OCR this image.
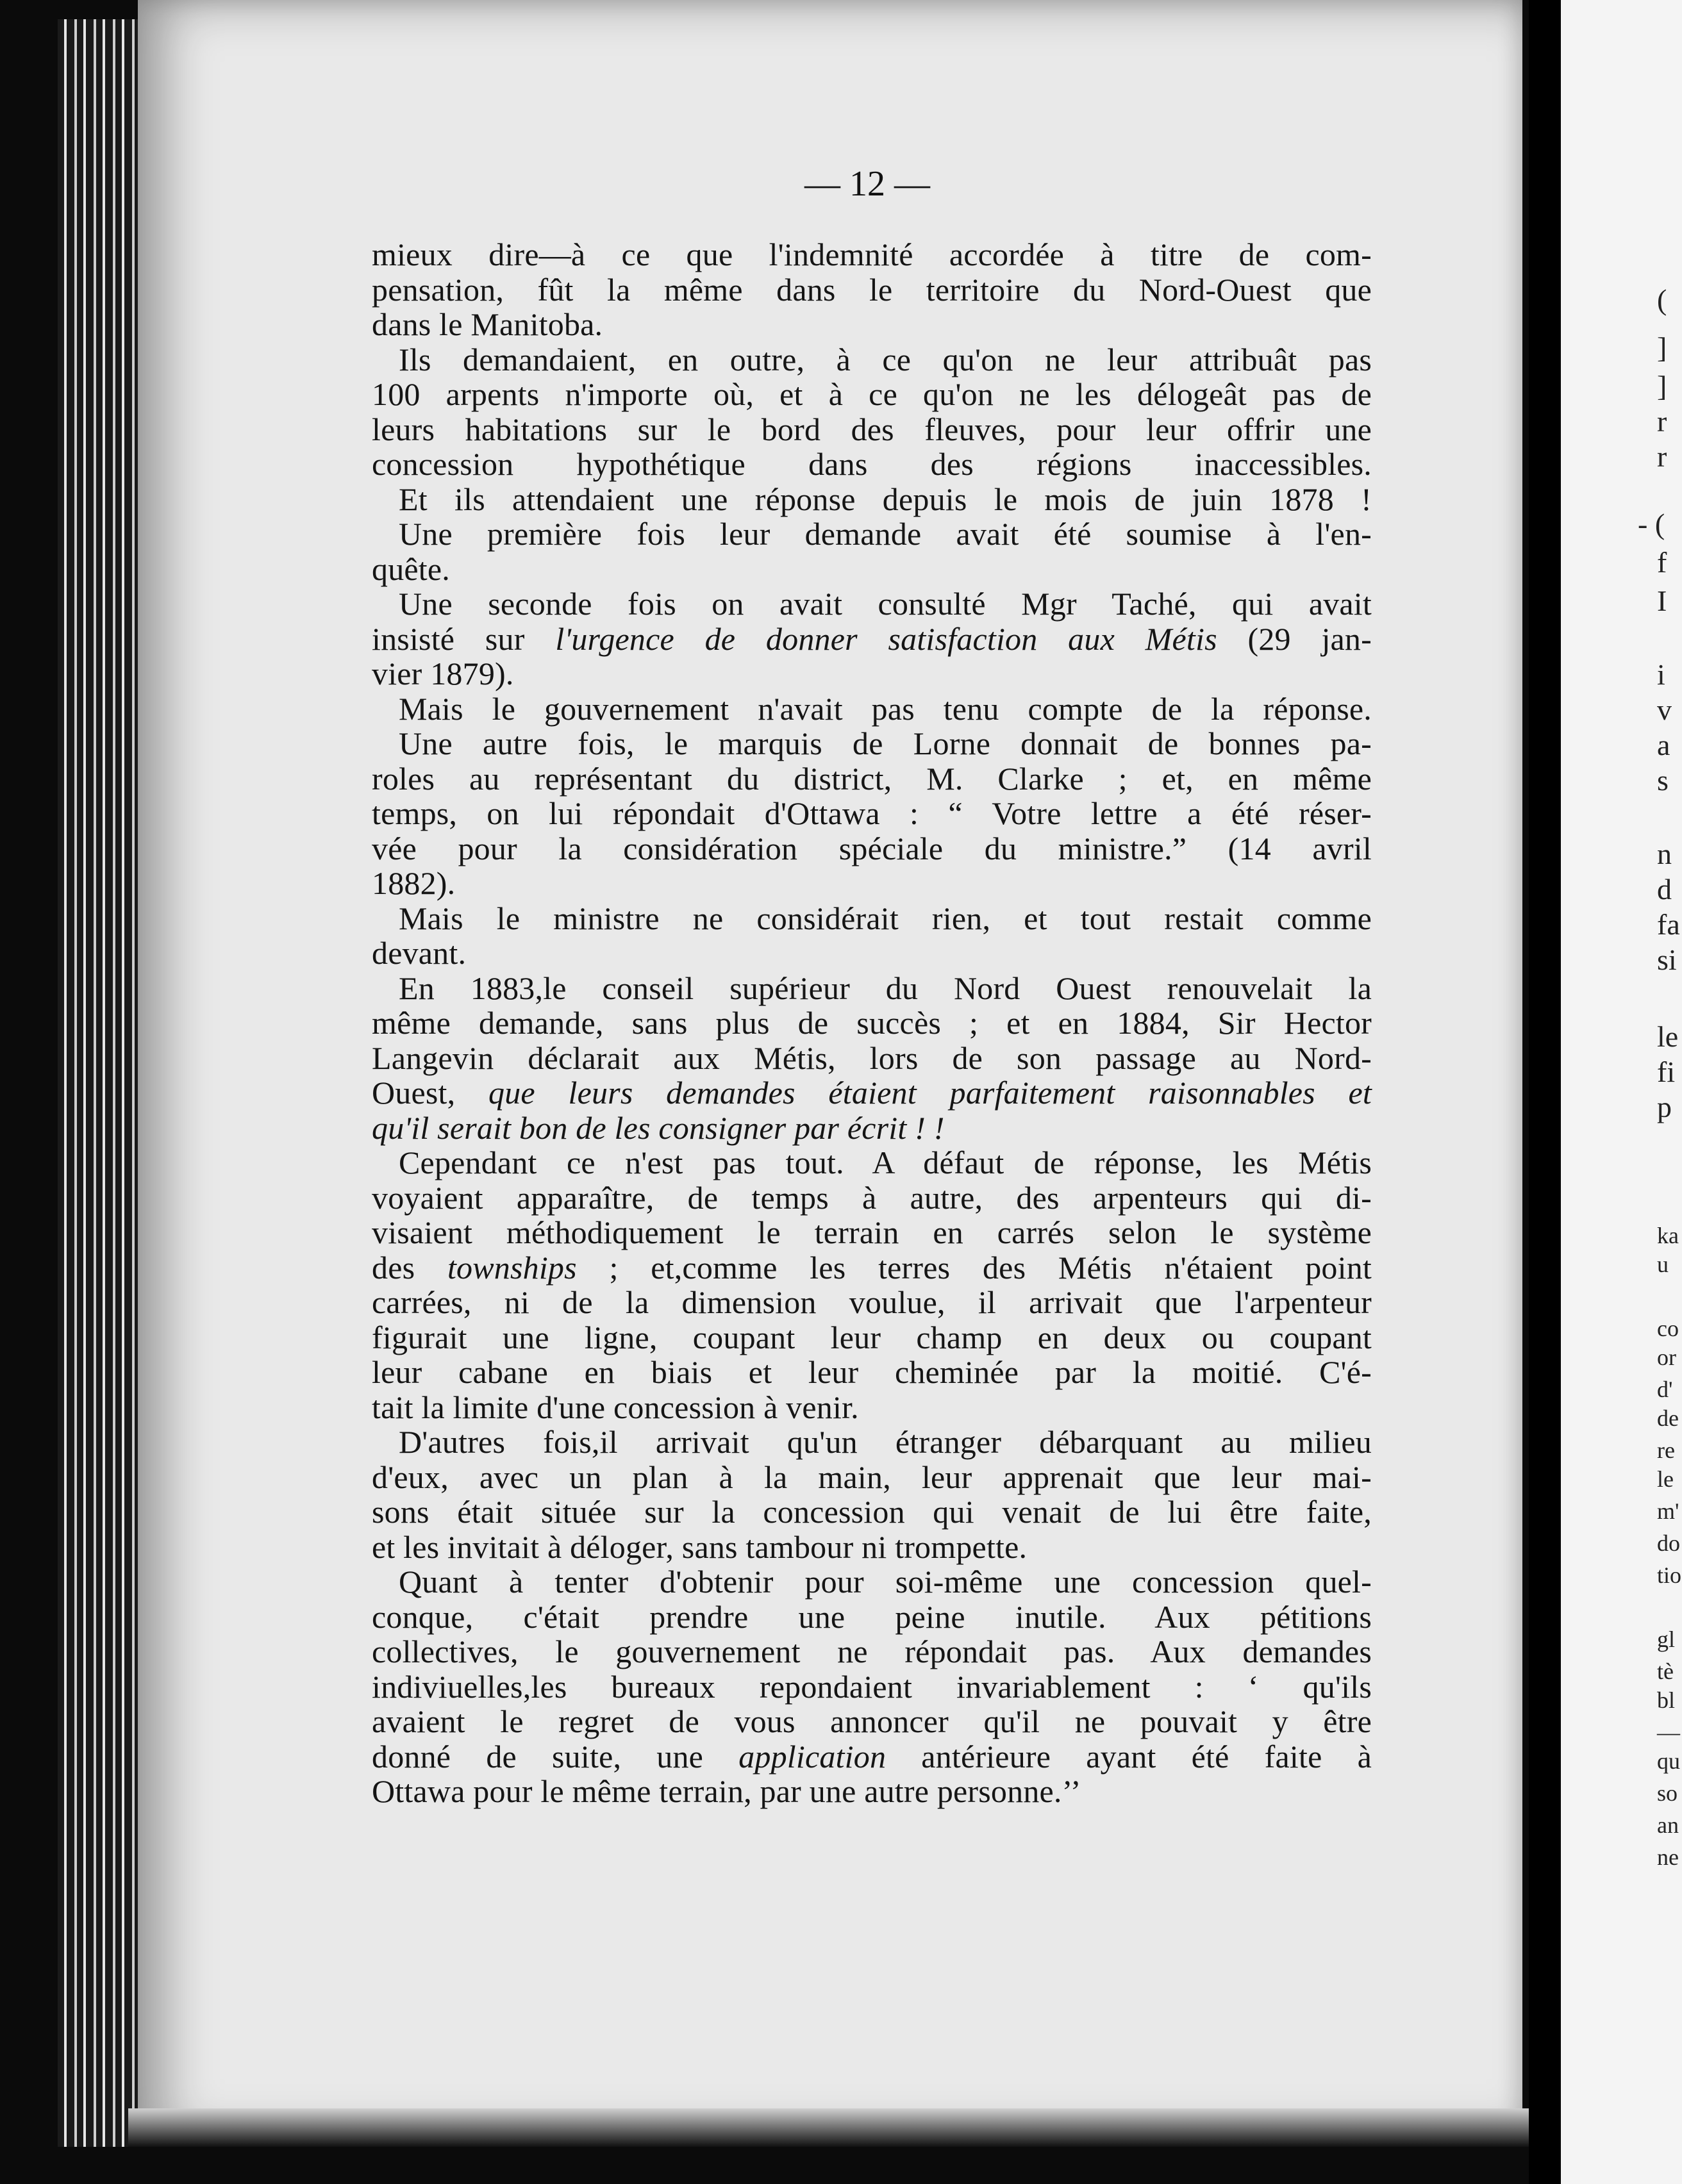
(

]

]

r

r

- (

f

I

i

v

a

s

n

d

fa

si

le

fi

p

ka

u

co

or

d'

de

re

le

m'

do

tio

gl

tè

bl

—

qu

so

an

ne

— 12 —

mieux dire—à ce que l'indemnité accordée à titre de com-
pensation, fût la même dans le territoire du Nord-Ouest que
dans le Manitoba.

Ils demandaient, en outre, à ce qu'on ne leur attribuât pas
100 arpents n'importe où, et à ce qu'on ne les délogeât pas de
leurs habitations sur le bord des fleuves, pour leur offrir une
concession hypothétique dans des régions inaccessibles.

Et ils attendaient une réponse depuis le mois de juin 1878 !

Une première fois leur demande avait été soumise à l'en-
quête.

Une seconde fois on avait consulté Mgr Taché, qui avait
insisté sur l'urgence de donner satisfaction aux Métis (29 jan-
vier 1879).

Mais le gouvernement n'avait pas tenu compte de la réponse.

Une autre fois, le marquis de Lorne donnait de bonnes pa-
roles au représentant du district, M. Clarke ; et, en même
temps, on lui répondait d'Ottawa : “ Votre lettre a été réser-
vée pour la considération spéciale du ministre.” (14 avril
1882).

Mais le ministre ne considérait rien, et tout restait comme
devant.

En 1883,le conseil supérieur du Nord Ouest renouvelait la
même demande, sans plus de succès ; et en 1884, Sir Hector
Langevin déclarait aux Métis, lors de son passage au Nord-
Ouest, que leurs demandes étaient parfaitement raisonnables et
qu'il serait bon de les consigner par écrit ! !

Cependant ce n'est pas tout. A défaut de réponse, les Métis
voyaient apparaître, de temps à autre, des arpenteurs qui di-
visaient méthodiquement le terrain en carrés selon le système
des townships ; et,comme les terres des Métis n'étaient point
carrées, ni de la dimension voulue, il arrivait que l'arpenteur
figurait une ligne, coupant leur champ en deux ou coupant
leur cabane en biais et leur cheminée par la moitié. C'é-
tait la limite d'une concession à venir.

D'autres fois,il arrivait qu'un étranger débarquant au milieu
d'eux, avec un plan à la main, leur apprenait que leur mai-
sons était située sur la concession qui venait de lui être faite,
et les invitait à déloger, sans tambour ni trompette.

Quant à tenter d'obtenir pour soi-même une concession quel-
conque, c'était prendre une peine inutile. Aux pétitions
collectives, le gouvernement ne répondait pas. Aux demandes
indiviuelles,les bureaux repondaient invariablement : ‘ qu'ils
avaient le regret de vous annoncer qu'il ne pouvait y être
donné de suite, une application antérieure ayant été faite à
Ottawa pour le même terrain, par une autre personne.’’
